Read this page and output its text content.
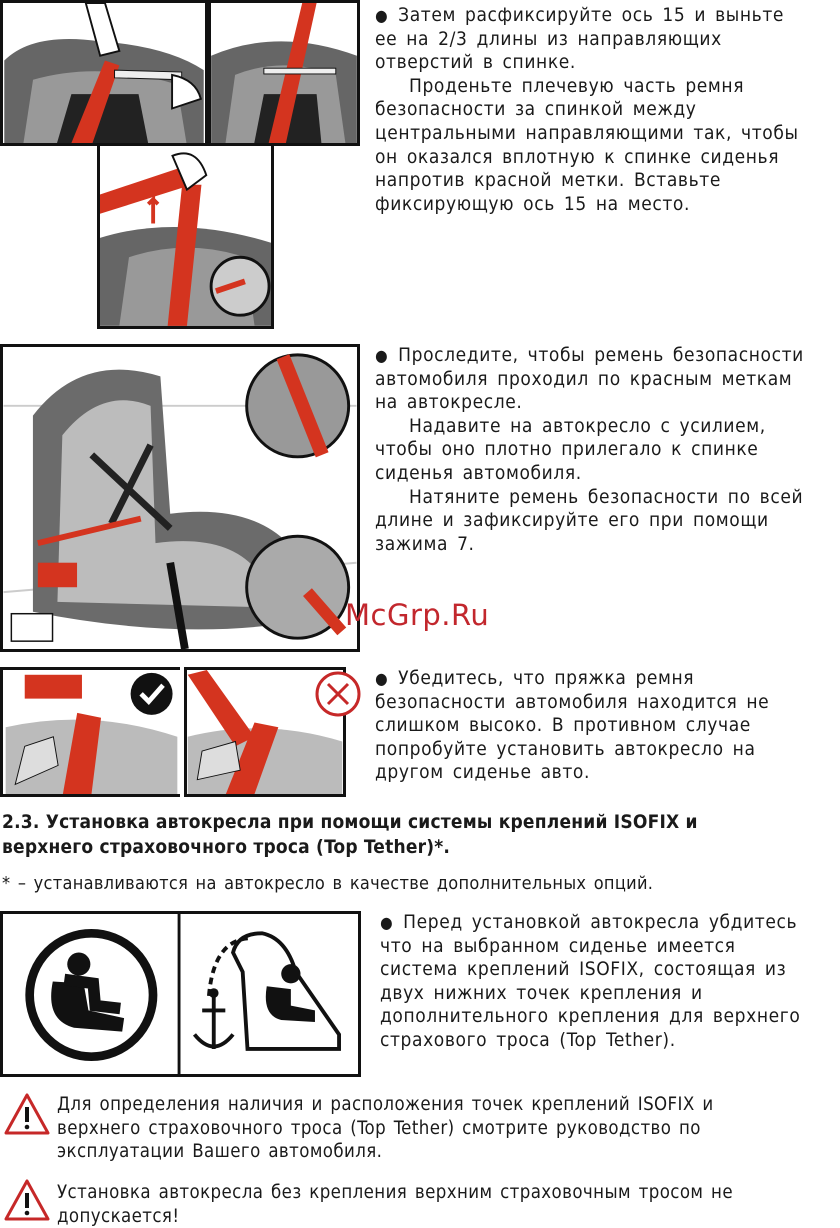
● Затем расфиксируйте ось 15 и выньте
ее на 2/3 длины из направляющих
отверстий в спинке.
Проденьте плечевую часть ремня
безопасности за спинкой между
центральными направляющими так, чтобы
он оказался вплотную к спинке сиденья
напротив красной метки. Вставьте
фиксирующую ось 15 на место.
McGrp.Ru
● Проследите, чтобы ремень безопасности
автомобиля проходил по красным меткам
на автокресле.
Надавите на автокресло с усилием,
чтобы оно плотно прилегало к спинке
сиденья автомобиля.
Натяните ремень безопасности по всей
длине и зафиксируйте его при помощи
зажима 7.
● Убедитесь, что пряжка ремня
безопасности автомобиля находится не
слишком высоко. В противном случае
попробуйте установить автокресло на
другом сиденье авто.
2.3. Установка автокресла при помощи системы креплений ISOFIX и
верхнего страховочного троса (Top Tether)*.
* – устанавливаются на автокресло в качестве дополнительных опций.
● Перед установкой автокресла убдитесь
что на выбранном сиденье имеется
система креплений ISOFIX, состоящая из
двух нижних точек крепления и
дополнительного крепления для верхнего
страхового троса (Top Tether).
Для определения наличия и расположения точек креплений ISOFIX и
верхнего страховочного троса (Top Tether) смотрите руководство по
эксплуатации Вашего автомобиля.
Установка автокресла без крепления верхним страховочным тросом не
допускается!
